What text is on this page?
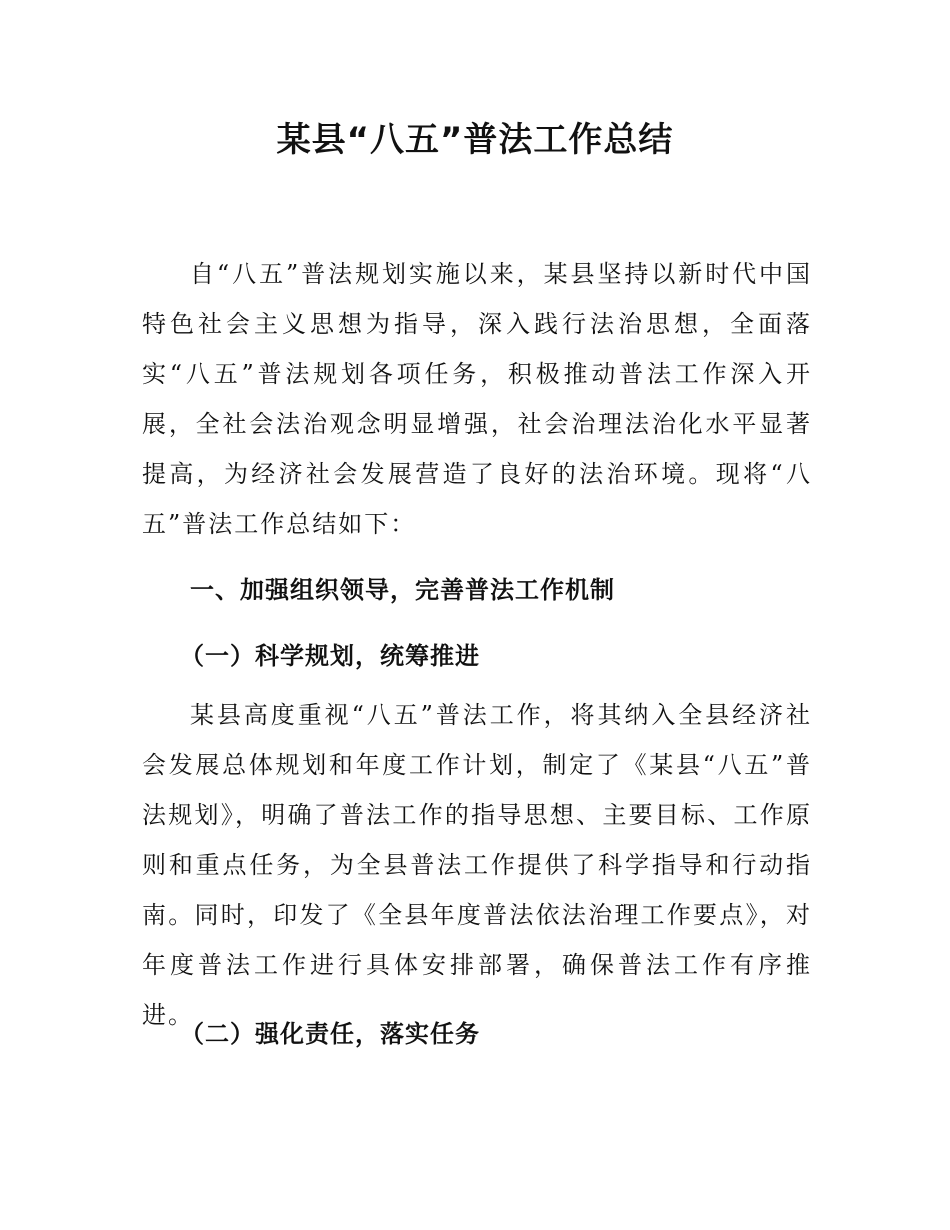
某县“八五”普法工作总结

自“八五”普法规划实施以来，某县坚持以新时代中国特色社会主义思想为指导，深入践行法治思想，全面落实“八五”普法规划各项任务，积极推动普法工作深入开展，全社会法治观念明显增强，社会治理法治化水平显著提高，为经济社会发展营造了良好的法治环境。现将“八五”普法工作总结如下：

一、加强组织领导，完善普法工作机制
（一）科学规划，统筹推进

某县高度重视“八五”普法工作，将其纳入全县经济社会发展总体规划和年度工作计划，制定了《某县“八五”普法规划》，明确了普法工作的指导思想、主要目标、工作原则和重点任务，为全县普法工作提供了科学指导和行动指南。同时，印发了《全县年度普法依法治理工作要点》，对年度普法工作进行具体安排部署，确保普法工作有序推进。

（二）强化责任，落实任务
